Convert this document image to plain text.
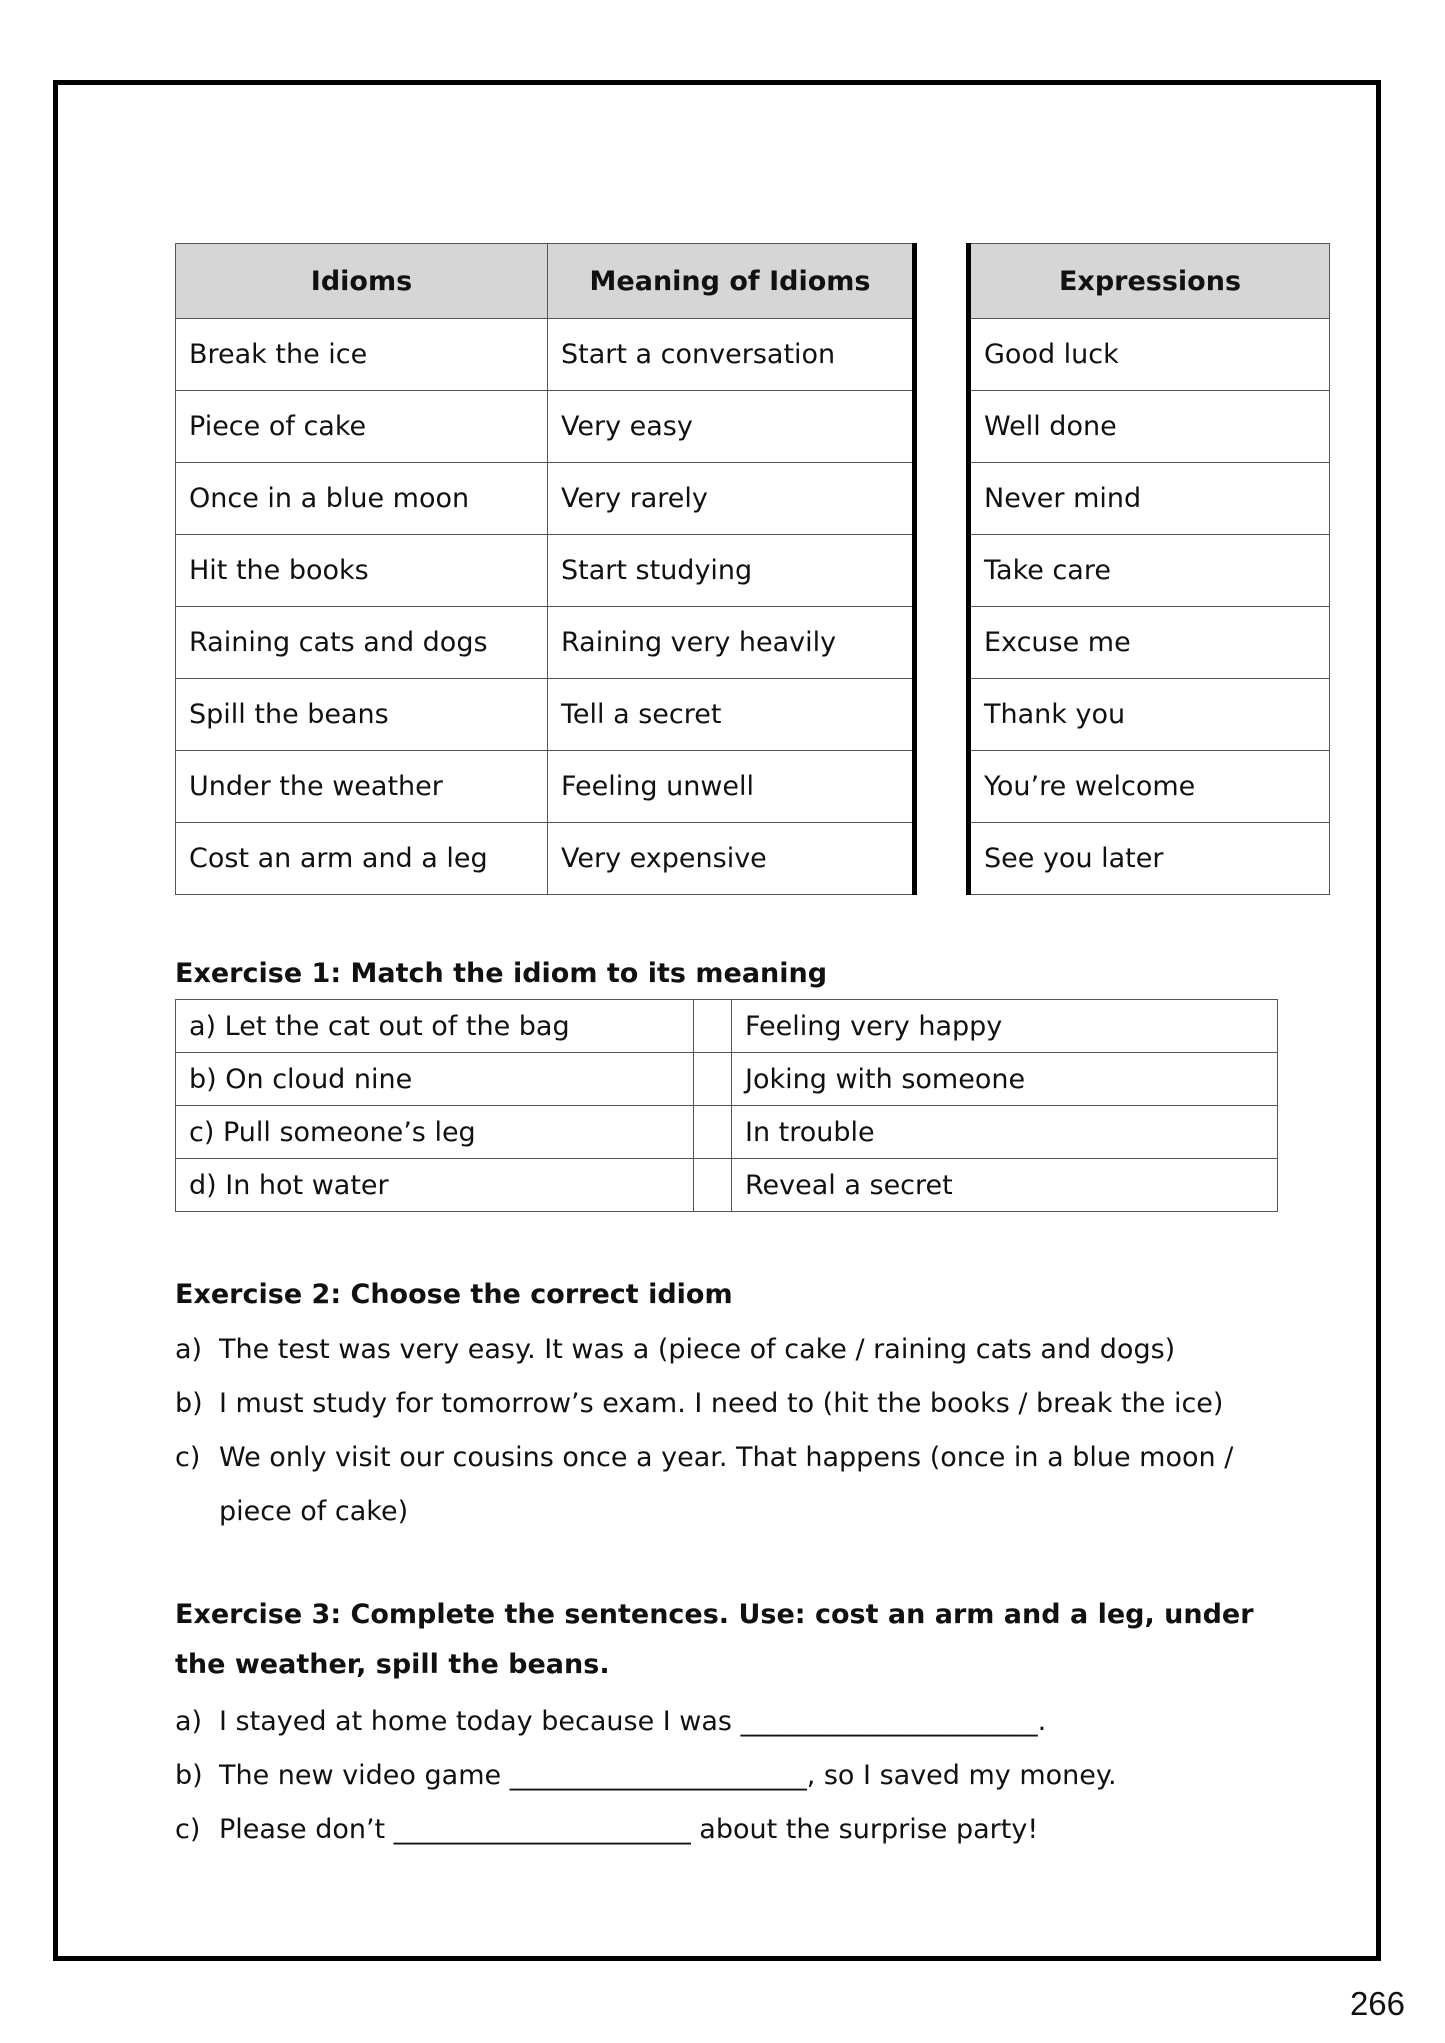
Idioms	Meaning of Idioms
Break the ice	Start a conversation
Piece of cake	Very easy
Once in a blue moon	Very rarely
Hit the books	Start studying
Raining cats and dogs	Raining very heavily
Spill the beans	Tell a secret
Under the weather	Feeling unwell
Cost an arm and a leg	Very expensive
Expressions
Good luck
Well done
Never mind
Take care
Excuse me
Thank you
You’re welcome
See you later
Exercise 1: Match the idiom to its meaning
a) Let the cat out of the bag		Feeling very happy
b) On cloud nine		Joking with someone
c) Pull someone’s leg		In trouble
d) In hot water		Reveal a secret
Exercise 2: Choose the correct idiom
a) The test was very easy. It was a (piece of cake / raining cats and dogs)
b) I must study for tomorrow’s exam. I need to (hit the books / break the ice)
c) We only visit our cousins once a year. That happens (once in a blue moon / piece of cake)
Exercise 3: Complete the sentences. Use: cost an arm and a leg, under the weather, spill the beans.
a) I stayed at home today because I was ______________________.
b) The new video game ______________________, so I saved my money.
c) Please don’t ______________________ about the surprise party!
266
